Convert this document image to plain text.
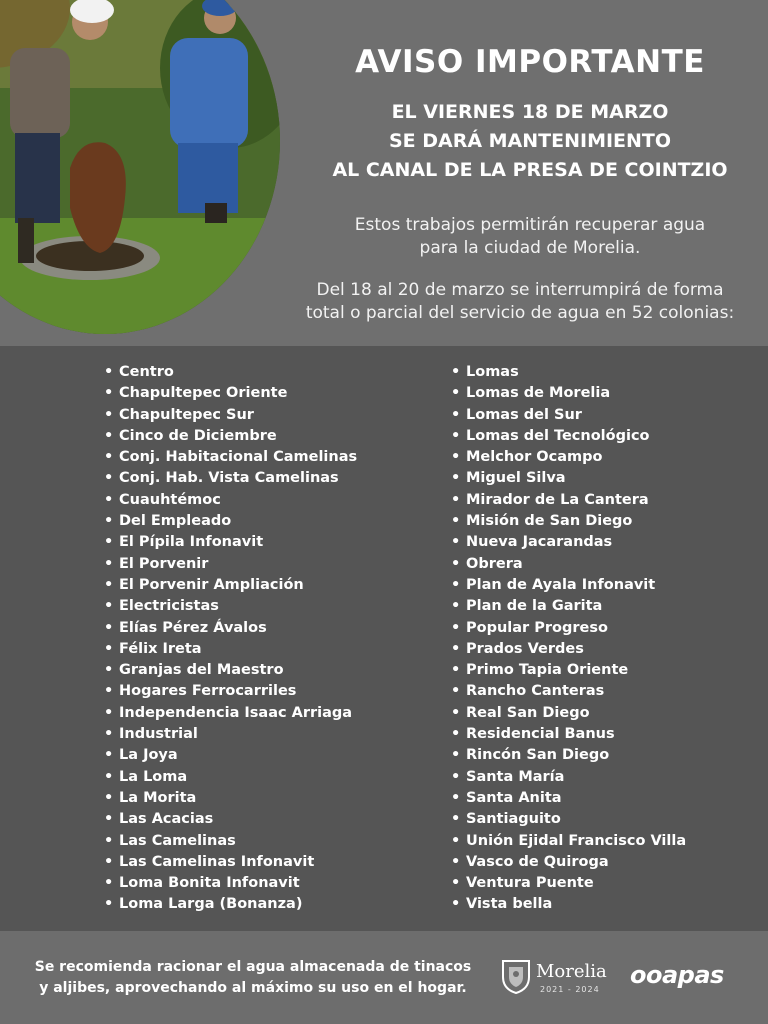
AVISO IMPORTANTE
EL VIERNES 18 DE MARZO
SE DARÁ MANTENIMIENTO
AL CANAL DE LA PRESA DE COINTZIO
Estos trabajos permitirán recuperar agua
para la ciudad de Morelia.
Del 18 al 20 de marzo se interrumpirá de forma
total o parcial del servicio de agua en 52 colonias:
• Centro
• Chapultepec Oriente
• Chapultepec Sur
• Cinco de Diciembre
• Conj. Habitacional Camelinas
• Conj. Hab. Vista Camelinas
• Cuauhtémoc
• Del Empleado
• El Pípila Infonavit
• El Porvenir
• El Porvenir Ampliación
• Electricistas
• Elías Pérez Ávalos
• Félix Ireta
• Granjas del Maestro
• Hogares Ferrocarriles
• Independencia Isaac Arriaga
• Industrial
• La Joya
• La Loma
• La Morita
• Las Acacias
• Las Camelinas
• Las Camelinas Infonavit
• Loma Bonita Infonavit
• Loma Larga (Bonanza)
• Lomas
• Lomas de Morelia
• Lomas del Sur
• Lomas del Tecnológico
• Melchor Ocampo
• Miguel Silva
• Mirador de La Cantera
• Misión de San Diego
• Nueva Jacarandas
• Obrera
• Plan de Ayala Infonavit
• Plan de la Garita
• Popular Progreso
• Prados Verdes
• Primo Tapia Oriente
• Rancho Canteras
• Real San Diego
• Residencial Banus
• Rincón San Diego
• Santa María
• Santa Anita
• Santiaguito
• Unión Ejidal Francisco Villa
• Vasco de Quiroga
• Ventura Puente
• Vista bella
Se recomienda racionar el agua almacenada de tinacos
y aljibes, aprovechando al máximo su uso en el hogar.
Morelia
2021 - 2024
ooapas
